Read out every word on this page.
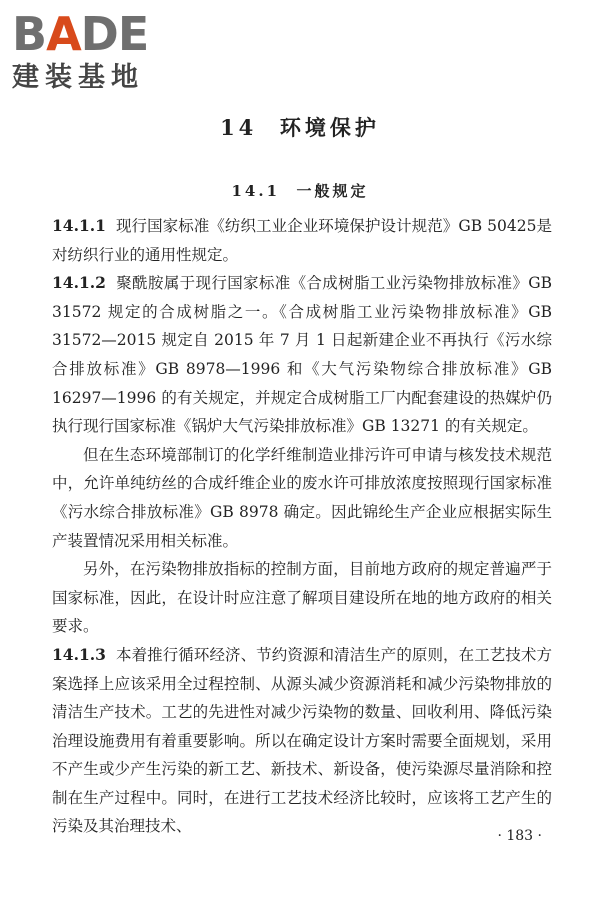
BADE
建装基地
14  环境保护
14.1  一般规定

14.1.1 现行国家标准《纺织工业企业环境保护设计规范》GB 50425是对纺织行业的通用性规定。

14.1.2 聚酰胺属于现行国家标准《合成树脂工业污染物排放标准》GB 31572 规定的合成树脂之一。《合成树脂工业污染物排放标准》GB 31572—2015 规定自 2015 年 7 月 1 日起新建企业不再执行《污水综合排放标准》GB 8978—1996 和《大气污染物综合排放标准》GB 16297—1996 的有关规定，并规定合成树脂工厂内配套建设的热媒炉仍执行现行国家标准《锅炉大气污染排放标准》GB 13271 的有关规定。

但在生态环境部制订的化学纤维制造业排污许可申请与核发技术规范中，允许单纯纺丝的合成纤维企业的废水许可排放浓度按照现行国家标准《污水综合排放标准》GB 8978 确定。因此锦纶生产企业应根据实际生产装置情况采用相关标准。

另外，在污染物排放指标的控制方面，目前地方政府的规定普遍严于国家标准，因此，在设计时应注意了解项目建设所在地的地方政府的相关要求。

14.1.3 本着推行循环经济、节约资源和清洁生产的原则，在工艺技术方案选择上应该采用全过程控制、从源头减少资源消耗和减少污染物排放的清洁生产技术。工艺的先进性对减少污染物的数量、回收利用、降低污染治理设施费用有着重要影响。所以在确定设计方案时需要全面规划，采用不产生或少产生污染的新工艺、新技术、新设备，使污染源尽量消除和控制在生产过程中。同时，在进行工艺技术经济比较时，应该将工艺产生的污染及其治理技术、

· 183 ·
